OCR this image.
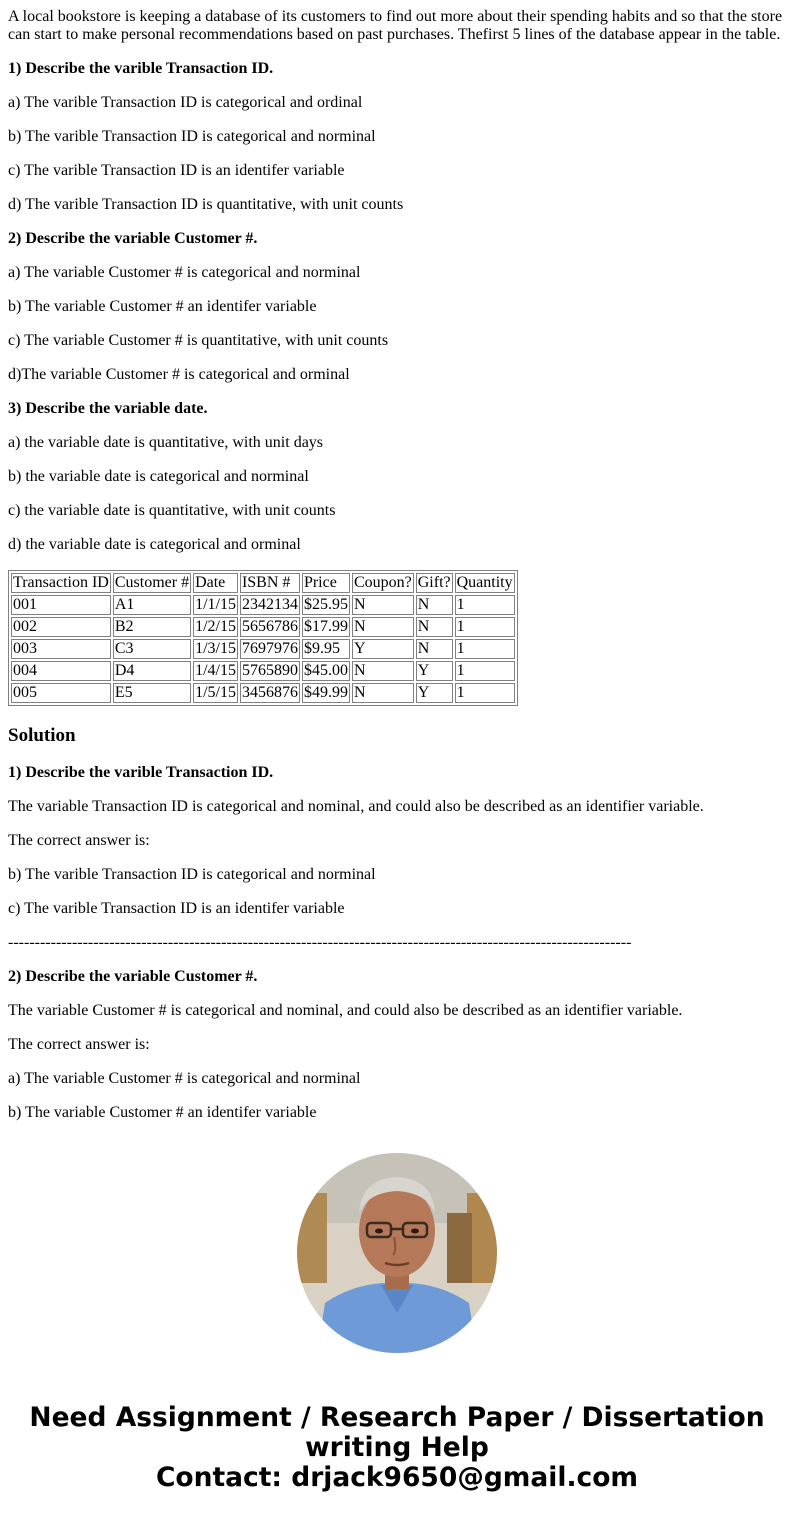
A local bookstore is keeping a database of its customers to find out more about their spending habits and so that the store can start to make personal recommendations based on past purchases. Thefirst 5 lines of the database appear in the table.

1) Describe the varible Transaction ID.

a) The varible Transaction ID is categorical and ordinal

b) The varible Transaction ID is categorical and norminal

c) The varible Transaction ID is an identifer variable

d) The varible Transaction ID is quantitative, with unit counts

2) Describe the variable Customer #.

a) The variable Customer # is categorical and norminal

b) The variable Customer # an identifer variable

c) The variable Customer # is quantitative, with unit counts

d)The variable Customer # is categorical and orminal

3) Describe the variable date.

a) the variable date is quantitative, with unit days

b) the variable date is categorical and norminal

c) the variable date is quantitative, with unit counts

d) the variable date is categorical and orminal

Transaction ID	Customer #	Date	ISBN #	Price	Coupon?	Gift?	Quantity
001	A1	1/1/15	2342134	$25.95	N	N	1
002	B2	1/2/15	5656786	$17.99	N	N	1
003	C3	1/3/15	7697976	$9.95	Y	N	1
004	D4	1/4/15	5765890	$45.00	N	Y	1
005	E5	1/5/15	3456876	$49.99	N	Y	1
Solution

1) Describe the varible Transaction ID.

The variable Transaction ID is categorical and nominal, and could also be described as an identifier variable.

The correct answer is:

b) The varible Transaction ID is categorical and norminal

c) The varible Transaction ID is an identifer variable

---------------------------------------------------------------------------------------------------------------------

2) Describe the variable Customer #.

The variable Customer # is categorical and nominal, and could also be described as an identifier variable.

The correct answer is:

a) The variable Customer # is categorical and norminal

b) The variable Customer # an identifer variable

Need Assignment / Research Paper / Dissertation
writing Help
Contact: drjack9650@gmail.com
